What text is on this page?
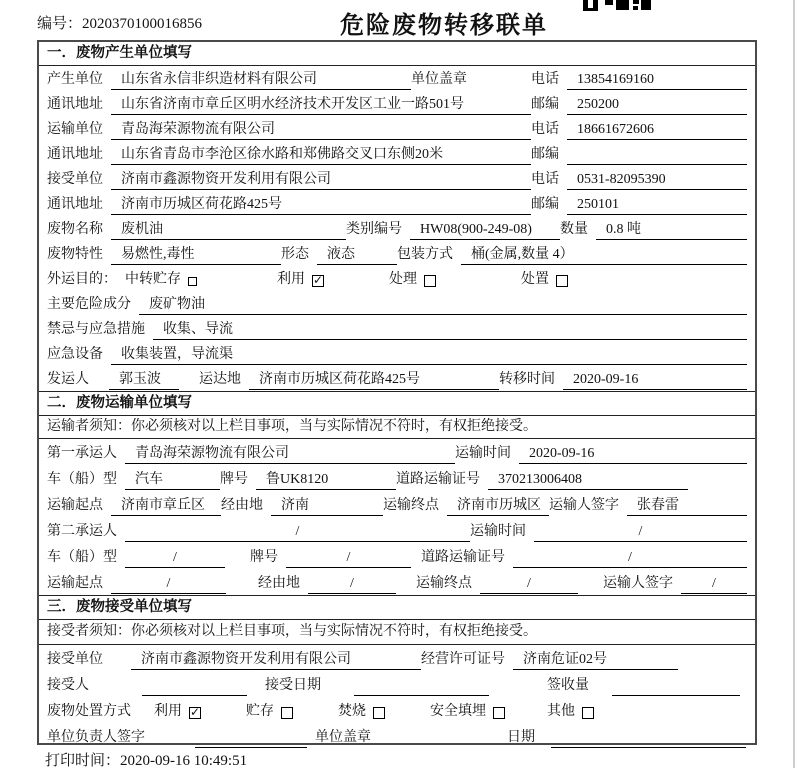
编号：2020370100016856	危险废物转移联单
一．废物产生单位填写
产生单位	山东省永信非织造材料有限公司	单位盖章	电话	13854169160
通讯地址	山东省济南市章丘区明水经济技术开发区工业一路501号	邮编	250200
运输单位	青岛海荣源物流有限公司	电话	18661672606
通讯地址	山东省青岛市李沧区徐水路和郑佛路交叉口东侧20米	邮编
接受单位	济南市鑫源物资开发利用有限公司	电话	0531-82095390
通讯地址	济南市历城区荷花路425号	邮编	250101
废物名称	废机油	类别编号	HW08(900-249-08)	数量	0.8 吨
废物特性	易燃性,毒性	形态	液态	包装方式	桶(金属,数量 4）
外运目的： 中转贮存	利用 ✓	处理	处置
主要危险成分	废矿物油
禁忌与应急措施	收集、导流
应急设备	收集装置，导流渠
发运人	郭玉波	运达地	济南市历城区荷花路425号	转移时间	2020-09-16
二．废物运输单位填写
运输者须知：你必须核对以上栏目事项，当与实际情况不符时，有权拒绝接受。
第一承运人	青岛海荣源物流有限公司	运输时间	2020-09-16
车（船）型	汽车	牌号	鲁UK8120	道路运输证号	370213006408
运输起点	济南市章丘区	经由地	济南	运输终点	济南市历城区 运输人签字	张春雷
第二承运人	/	运输时间	/
车（船）型	/	牌号	/	道路运输证号	/
运输起点	/	经由地	/	运输终点	/	运输人签字	/
三．废物接受单位填写
接受者须知：你必须核对以上栏目事项，当与实际情况不符时，有权拒绝接受。
接受单位	济南市鑫源物资开发利用有限公司	经营许可证号	济南危证02号
接受人	接受日期	签收量
废物处置方式 利用 ✓	贮存	焚烧	安全填埋	其他
单位负责人签字	单位盖章	日期
打印时间：2020-09-16 10:49:51
